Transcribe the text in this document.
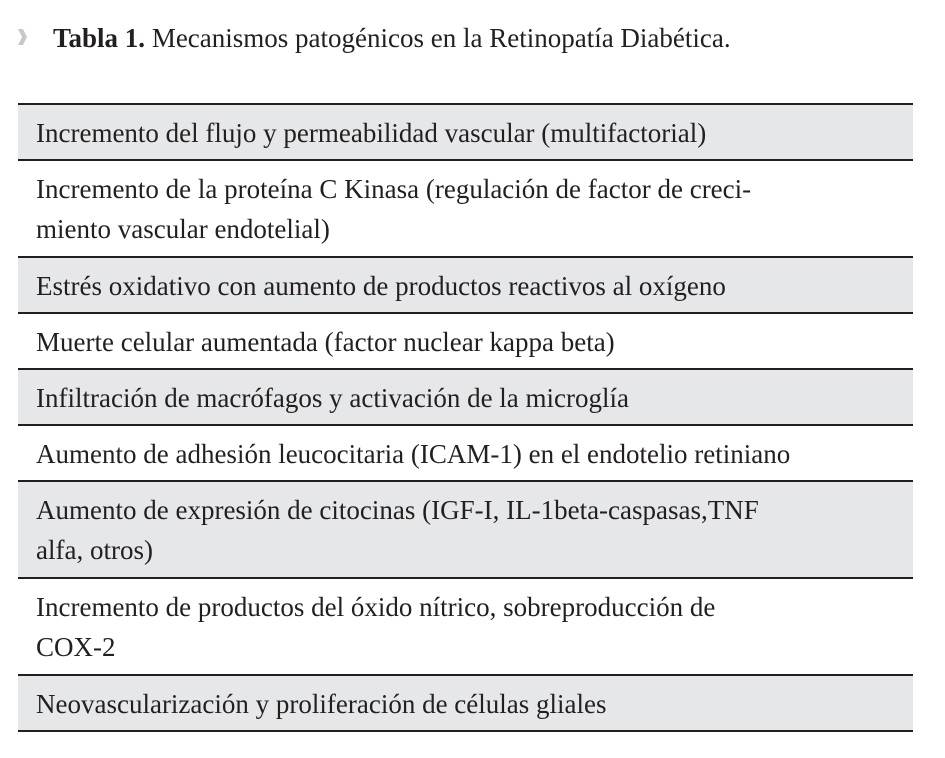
Tabla 1. Mecanismos patogénicos en la Retinopatía Diabética.
Incremento del flujo y permeabilidad vascular (multifactorial)
Incremento de la proteína C Kinasa (regulación de factor de creci-
miento vascular endotelial)
Estrés oxidativo con aumento de productos reactivos al oxígeno
Muerte celular aumentada (factor nuclear kappa beta)
Infiltración de macrófagos y activación de la microglía
Aumento de adhesión leucocitaria (ICAM-1) en el endotelio retiniano
Aumento de expresión de citocinas (IGF-I, IL-1beta-caspasas,TNF
alfa, otros)
Incremento de productos del óxido nítrico, sobreproducción de
COX-2
Neovascularización y proliferación de células gliales
